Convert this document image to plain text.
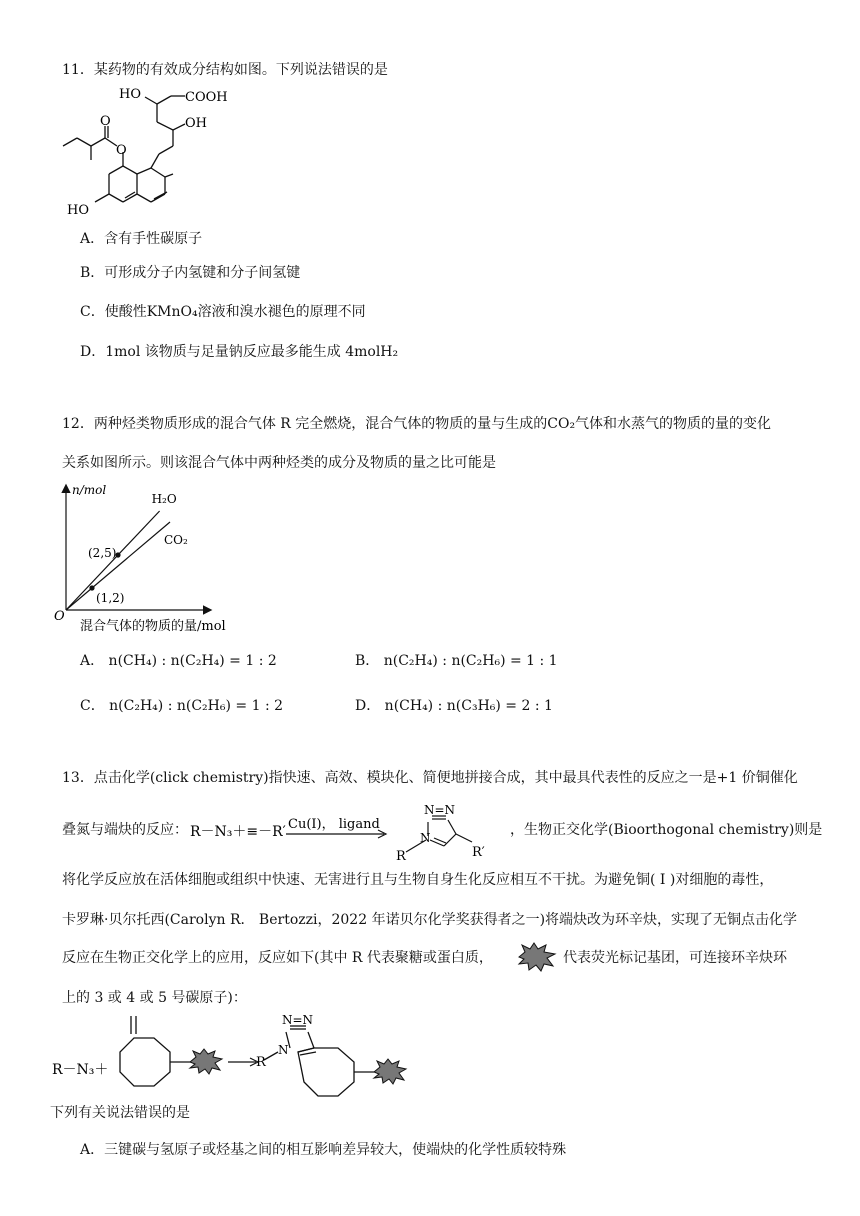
11．某药物的有效成分结构如图。下列说法错误的是
HO	COOH
OH
HO
O
O
A．含有手性碳原子
B．可形成分子内氢键和分子间氢键
C．使酸性KMnO₄溶液和溴水褪色的原理不同
D．1mol 该物质与足量钠反应最多能生成 4molH₂
12．两种烃类物质形成的混合气体 R 完全燃烧，混合气体的物质的量与生成的CO₂气体和水蒸气的物质的量的变化
关系如图所示。则该混合气体中两种烃类的成分及物质的量之比可能是
n/mol
O
混合气体的物质的量/mol
(2,5)
H₂O
(1,2)
CO₂
A． n(CH₄) : n(C₂H₄) = 1 : 2	B． n(C₂H₄) : n(C₂H₆) = 1 : 1
C． n(C₂H₄) : n(C₂H₆) = 1 : 2	D． n(CH₄) : n(C₃H₆) = 2 : 1
13．点击化学(click chemistry)指快速、高效、模块化、简便地拼接合成，其中最具代表性的反应之一是+1 价铜催化
叠氮与端炔的反应： R－N₃＋≡－R′ Cu(I)， ligand
N=N
N
R	R′
，生物正交化学(Bioorthogonal chemistry)则是
将化学反应放在活体细胞或组织中快速、无害进行且与生物自身生化反应相互不干扰。为避免铜( Ⅰ )对细胞的毒性，
卡罗琳·贝尔托西(Carolyn R． Bertozzi，2022 年诺贝尔化学奖获得者之一)将端炔改为环辛炔，实现了无铜点击化学
反应在生物正交化学上的应用，反应如下(其中 R 代表聚糖或蛋白质，	代表荧光标记基团，可连接环辛炔环
上的 3 或 4 或 5 号碳原子)：
R－N₃＋
N=N
N
R
下列有关说法错误的是
A．三键碳与氢原子或烃基之间的相互影响差异较大，使端炔的化学性质较特殊
